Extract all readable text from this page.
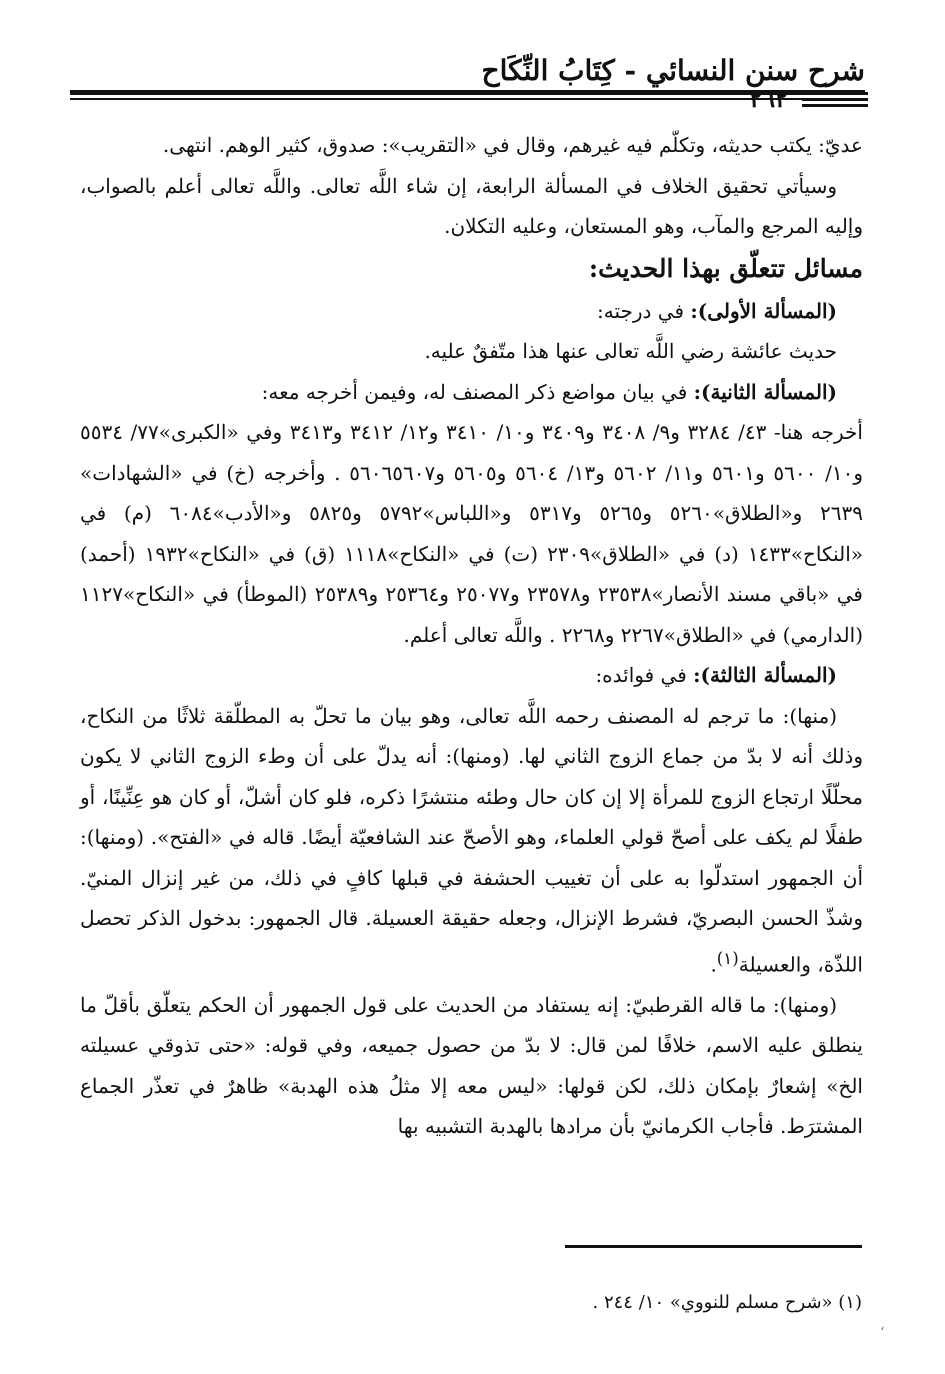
شرح سنن النسائي - كِتَابُ النِّكَاح
٢٦٢

عديّ: يكتب حديثه، وتكلّم فيه غيرهم، وقال في «التقريب»: صدوق، كثير الوهم. انتهى.

وسيأتي تحقيق الخلاف في المسألة الرابعة، إن شاء اللَّه تعالى. واللَّه تعالى أعلم بالصواب، وإليه المرجع والمآب، وهو المستعان، وعليه التكلان.

مسائل تتعلّق بهذا الحديث:

(المسألة الأولى): في درجته:

حديث عائشة رضي اللَّه تعالى عنها هذا متّفقٌ عليه.

(المسألة الثانية): في بيان مواضع ذكر المصنف له، وفيمن أخرجه معه:

أخرجه هنا- ٤٣/ ٣٢٨٤ و٩/ ٣٤٠٨ و٣٤٠٩ و١٠/ ٣٤١٠ و١٢/ ٣٤١٢ و٣٤١٣ وفي «الكبرى»٧٧/ ٥٥٣٤ و١٠/ ٥٦٠٠ و٥٦٠١ و١١/ ٥٦٠٢ و١٣/ ٥٦٠٤ و٥٦٠٥ و٥٦٠٦٥٦٠٧ . وأخرجه (خ) في «الشهادات» ٢٦٣٩ و«الطلاق»٥٢٦٠ و٥٢٦٥ و٥٣١٧ و«اللباس»٥٧٩٢ و٥٨٢٥ و«الأدب»٦٠٨٤ (م) في «النكاح»١٤٣٣ (د) في «الطلاق»٢٣٠٩ (ت) في «النكاح»١١١٨ (ق) في «النكاح»١٩٣٢ (أحمد) في «باقي مسند الأنصار»٢٣٥٣٨ و٢٣٥٧٨ و٢٥٠٧٧ و٢٥٣٦٤ و٢٥٣٨٩ (الموطأ) في «النكاح»١١٢٧ (الدارمي) في «الطلاق»٢٢٦٧ و٢٢٦٨ . واللَّه تعالى أعلم.

(المسألة الثالثة): في فوائده:

(منها): ما ترجم له المصنف رحمه اللَّه تعالى، وهو بيان ما تحلّ به المطلّقة ثلاثًا من النكاح، وذلك أنه لا بدّ من جماع الزوج الثاني لها. (ومنها): أنه يدلّ على أن وطء الزوج الثاني لا يكون محلّلًا ارتجاع الزوج للمرأة إلا إن كان حال وطئه منتشرًا ذكره، فلو كان أشلّ، أو كان هو عِنِّينًا، أو طفلًا لم يكف على أصحّ قولي العلماء، وهو الأصحّ عند الشافعيّة أيضًا. قاله في «الفتح». (ومنها): أن الجمهور استدلّوا به على أن تغييب الحشفة في قبلها كافٍ في ذلك، من غير إنزال المنيّ. وشذّ الحسن البصريّ، فشرط الإنزال، وجعله حقيقة العسيلة. قال الجمهور: بدخول الذكر تحصل اللذّة، والعسيلة$^{(١)}$.

(ومنها): ما قاله القرطبيّ: إنه يستفاد من الحديث على قول الجمهور أن الحكم يتعلّق بأقلّ ما ينطلق عليه الاسم، خلافًا لمن قال: لا بدّ من حصول جميعه، وفي قوله: «حتى تذوقي عسيلته الخ» إشعارٌ بإمكان ذلك، لكن قولها: «ليس معه إلا مثلُ هذه الهدبة» ظاهرٌ في تعذّر الجماع المشترَط. فأجاب الكرمانيّ بأن مرادها بالهدبة التشبيه بها

(١) «شرح مسلم للنووي» ١٠/ ٢٤٤ .
،
